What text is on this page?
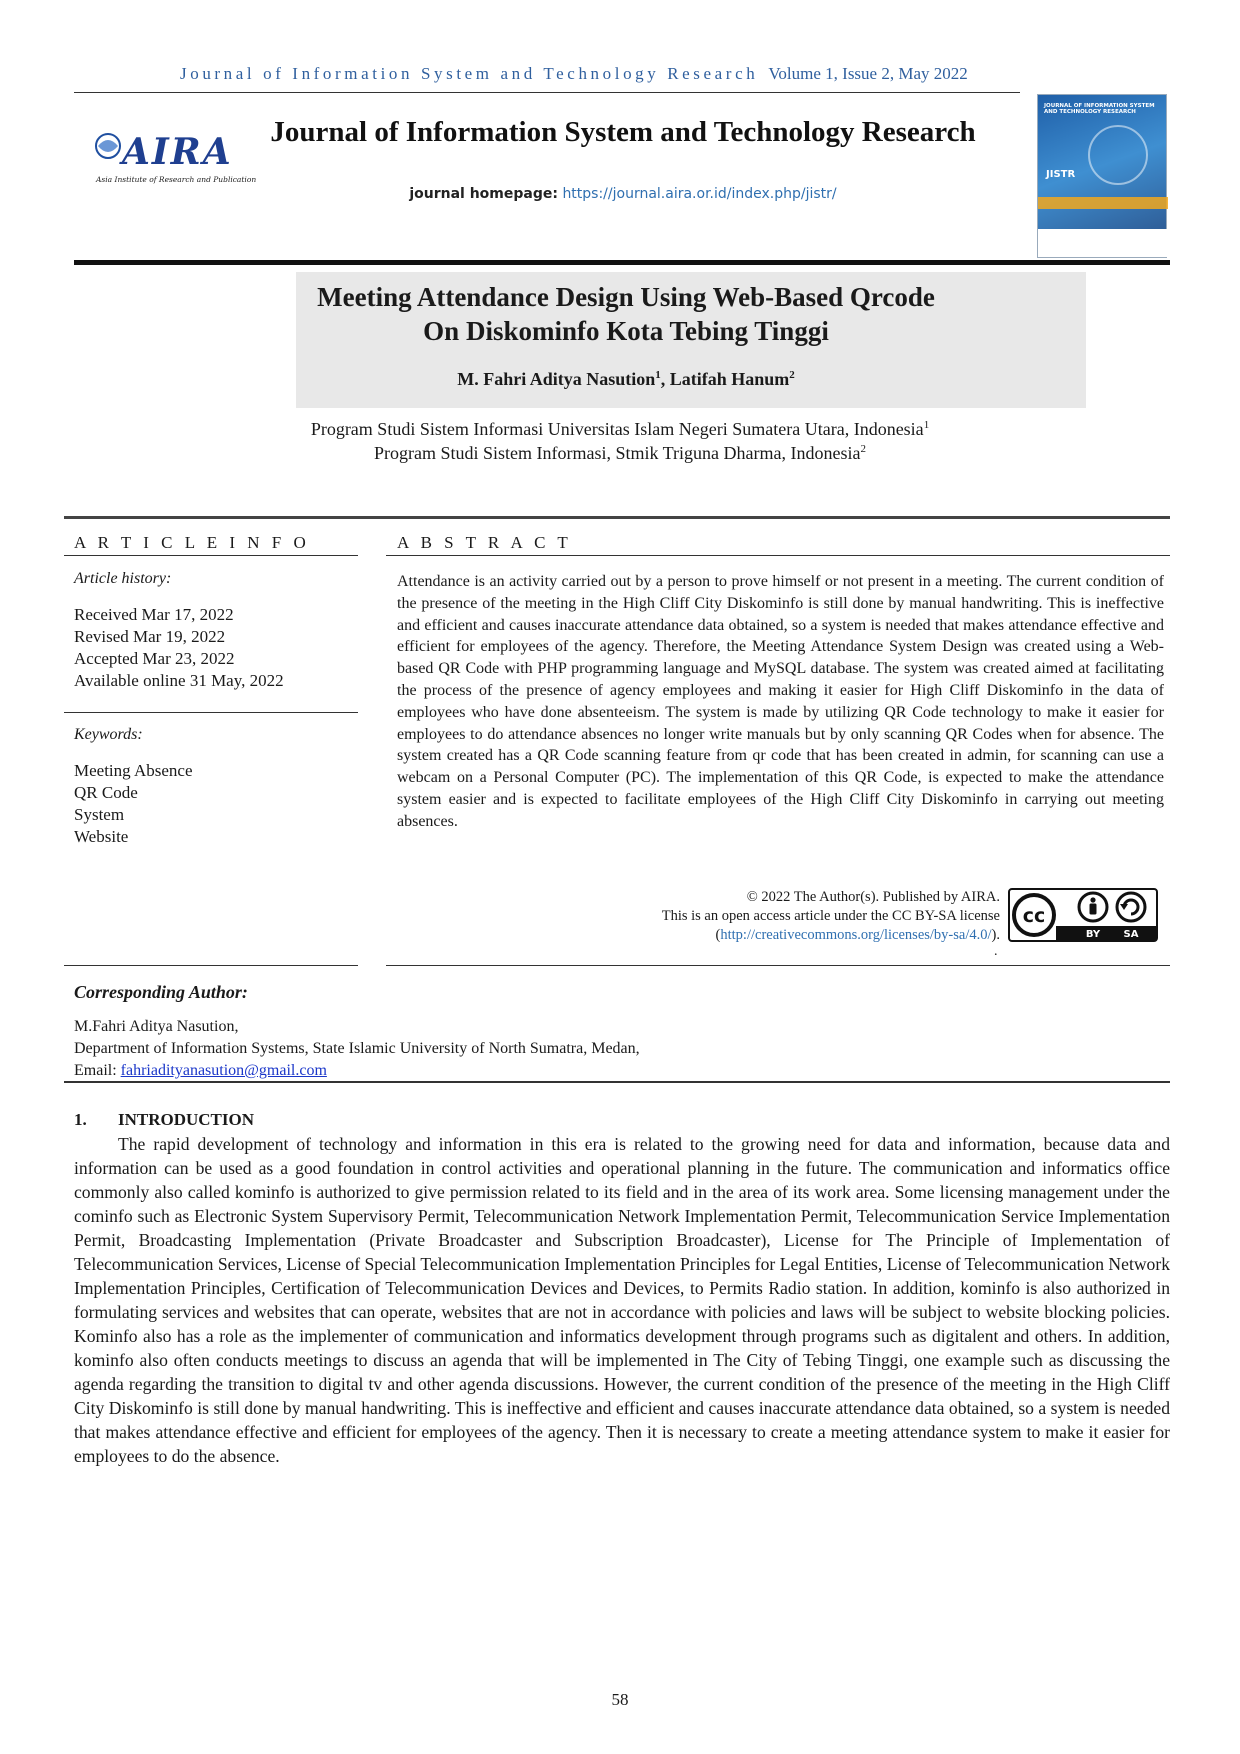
Journal of Information System and Technology Research Volume 1, Issue 2, May 2022
AIRA
Asia Institute of Research and Publication
Journal of Information System and Technology Research
journal homepage: https://journal.aira.or.id/index.php/jistr/
JOURNAL OF INFORMATION SYSTEM AND TECHNOLOGY RESEARCH
JISTR
Meeting Attendance Design Using Web-Based Qrcode
On Diskominfo Kota Tebing Tinggi
M. Fahri Aditya Nasution$^1$, Latifah Hanum$^2$
Program Studi Sistem Informasi Universitas Islam Negeri Sumatera Utara, Indonesia$^1$
Program Studi Sistem Informasi, Stmik Triguna Dharma, Indonesia$^2$
A R T I C L E I N F O	A B S T R A C T
Article history:
Received Mar 17, 2022
Revised Mar 19, 2022
Accepted Mar 23, 2022
Available online 31 May, 2022
Keywords:
Meeting Absence
QR Code
System
Website
Attendance is an activity carried out by a person to prove himself or not present in a meeting. The current condition of the presence of the meeting in the High Cliff City Diskominfo is still done by manual handwriting. This is ineffective and efficient and causes inaccurate attendance data obtained, so a system is needed that makes attendance effective and efficient for employees of the agency. Therefore, the Meeting Attendance System Design was created using a Web-based QR Code with PHP programming language and MySQL database. The system was created aimed at facilitating the process of the presence of agency employees and making it easier for High Cliff Diskominfo in the data of employees who have done absenteeism. The system is made by utilizing QR Code technology to make it easier for employees to do attendance absences no longer write manuals but by only scanning QR Codes when for absence. The system created has a QR Code scanning feature from qr code that has been created in admin, for scanning can use a webcam on a Personal Computer (PC). The implementation of this QR Code, is expected to make the attendance system easier and is expected to facilitate employees of the High Cliff City Diskominfo in carrying out meeting absences.
© 2022 The Author(s). Published by AIRA.
This is an open access article under the CC BY-SA license
(http://creativecommons.org/licenses/by-sa/4.0/).
cc
BY SA
.
Corresponding Author:
M.Fahri Aditya Nasution,
Department of Information Systems, State Islamic University of North Sumatra, Medan,
Email: fahriadityanasution@gmail.com
1. INTRODUCTION
The rapid development of technology and information in this era is related to the growing need for data and information, because data and information can be used as a good foundation in control activities and operational planning in the future. The communication and informatics office commonly also called kominfo is authorized to give permission related to its field and in the area of its work area. Some licensing management under the cominfo such as Electronic System Supervisory Permit, Telecommunication Network Implementation Permit, Telecommunication Service Implementation Permit, Broadcasting Implementation (Private Broadcaster and Subscription Broadcaster), License for The Principle of Implementation of Telecommunication Services, License of Special Telecommunication Implementation Principles for Legal Entities, License of Telecommunication Network Implementation Principles, Certification of Telecommunication Devices and Devices, to Permits Radio station. In addition, kominfo is also authorized in formulating services and websites that can operate, websites that are not in accordance with policies and laws will be subject to website blocking policies. Kominfo also has a role as the implementer of communication and informatics development through programs such as digitalent and others. In addition, kominfo also often conducts meetings to discuss an agenda that will be implemented in The City of Tebing Tinggi, one example such as discussing the agenda regarding the transition to digital tv and other agenda discussions. However, the current condition of the presence of the meeting in the High Cliff City Diskominfo is still done by manual handwriting. This is ineffective and efficient and causes inaccurate attendance data obtained, so a system is needed that makes attendance effective and efficient for employees of the agency. Then it is necessary to create a meeting attendance system to make it easier for employees to do the absence.
58
